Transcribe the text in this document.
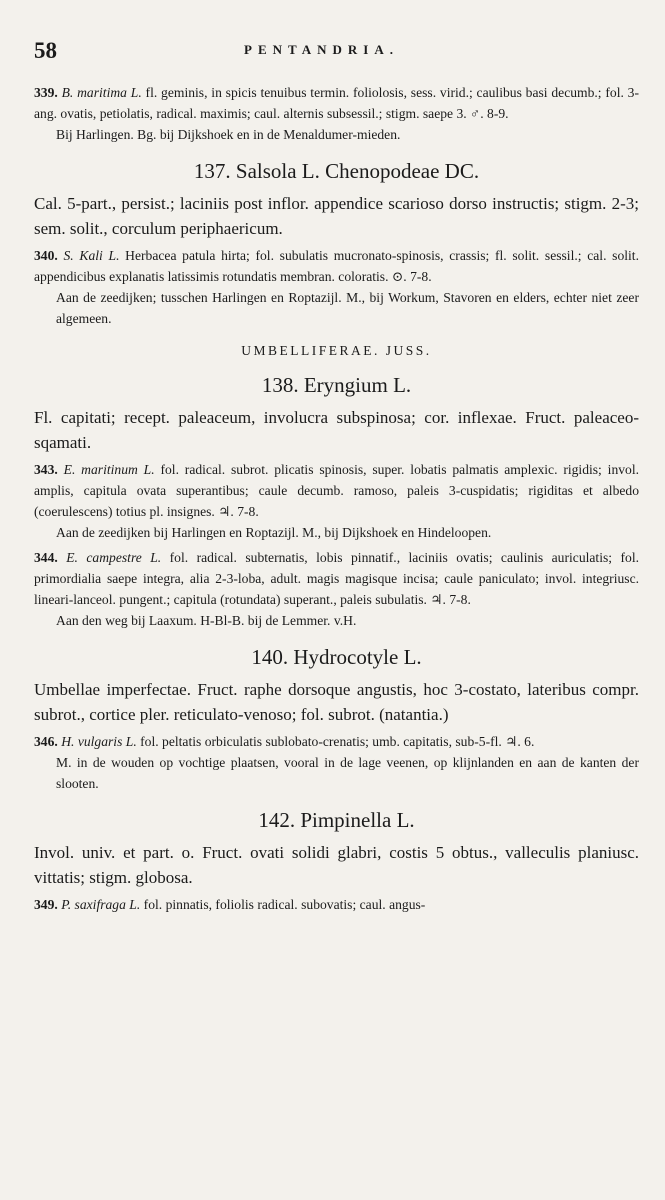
58	PENTANDRIA.

339. B. maritima L. fl. geminis, in spicis tenuibus termin. foliolosis, sess. virid.; caulibus basi decumb.; fol. 3-ang. ovatis, petiolatis, radical. maximis; caul. alternis subsessil.; stigm. saepe 3. ♂. 8-9.

Bij Harlingen. Bg. bij Dijkshoek en in de Menaldumer-mieden.

137. Salsola L. Chenopodeae DC.

Cal. 5-part., persist.; laciniis post inflor. appendice scarioso dorso instructis; stigm. 2-3; sem. solit., corculum periphaericum.

340. S. Kali L. Herbacea patula hirta; fol. subulatis mucronato-spinosis, crassis; fl. solit. sessil.; cal. solit. appendicibus explanatis latissimis rotundatis membran. coloratis. ⊙. 7-8.

Aan de zeedijken; tusschen Harlingen en Roptazijl. M., bij Workum, Stavoren en elders, echter niet zeer algemeen.

UMBELLIFERAE. JUSS.
138. Eryngium L.

Fl. capitati; recept. paleaceum, involucra subspinosa; cor. inflexae. Fruct. paleaceo-sqamati.

343. E. maritinum L. fol. radical. subrot. plicatis spinosis, super. lobatis palmatis amplexic. rigidis; invol. amplis, capitula ovata superantibus; caule decumb. ramoso, paleis 3-cuspidatis; rigiditas et albedo (coerulescens) totius pl. insignes. ♃. 7-8.

Aan de zeedijken bij Harlingen en Roptazijl. M., bij Dijkshoek en Hindeloopen.

344. E. campestre L. fol. radical. subternatis, lobis pinnatif., laciniis ovatis; caulinis auriculatis; fol. primordialia saepe integra, alia 2-3-loba, adult. magis magisque incisa; caule paniculato; invol. integriusc. lineari-lanceol. pungent.; capitula (rotundata) superant., paleis subulatis. ♃. 7-8.

Aan den weg bij Laaxum. H-Bl-B. bij de Lemmer. v.H.

140. Hydrocotyle L.

Umbellae imperfectae. Fruct. raphe dorsoque angustis, hoc 3-costato, lateribus compr. subrot., cortice pler. reticulato-venoso; fol. subrot. (natantia.)

346. H. vulgaris L. fol. peltatis orbiculatis sublobato-crenatis; umb. capitatis, sub-5-fl. ♃. 6.

M. in de wouden op vochtige plaatsen, vooral in de lage veenen, op klijnlanden en aan de kanten der slooten.

142. Pimpinella L.

Invol. univ. et part. o. Fruct. ovati solidi glabri, costis 5 obtus., valleculis planiusc. vittatis; stigm. globosa.

349. P. saxifraga L. fol. pinnatis, foliolis radical. subovatis; caul. angus-
